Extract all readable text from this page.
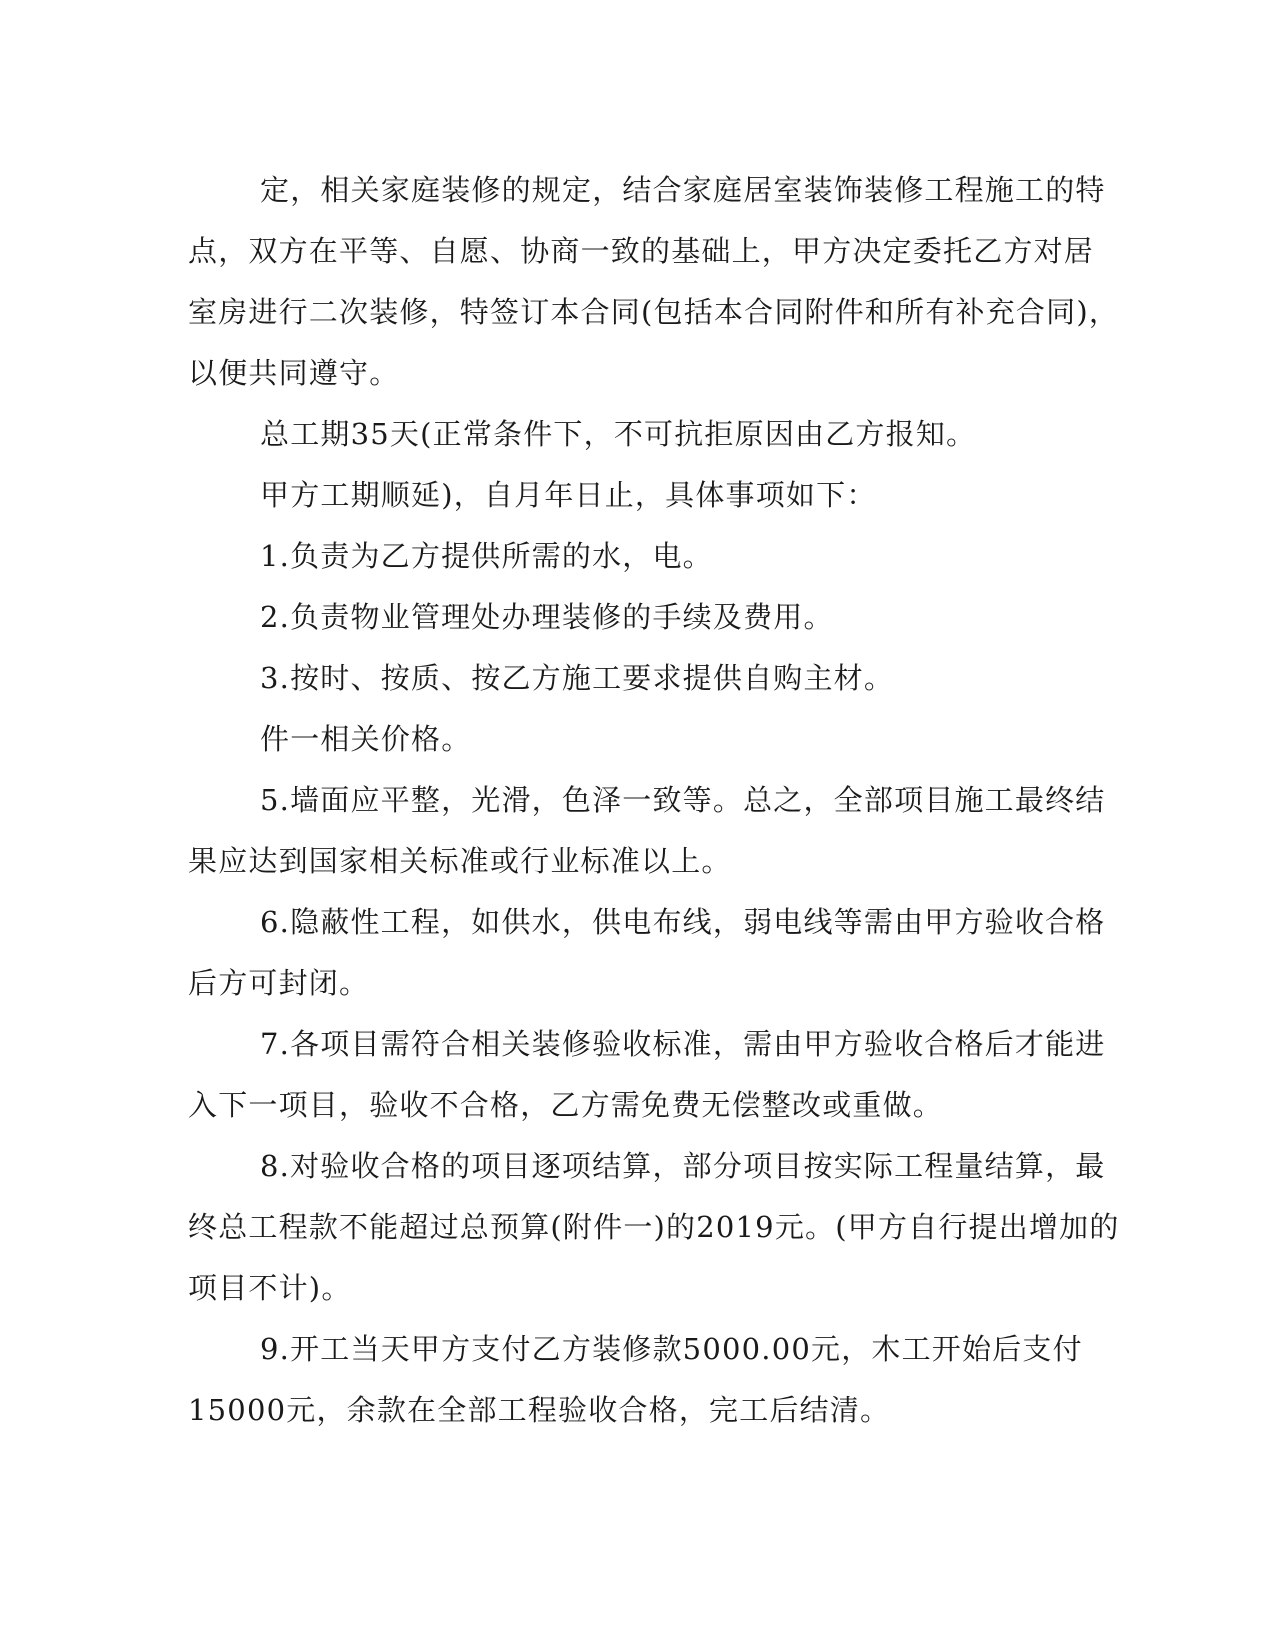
定，相关家庭装修的规定，结合家庭居室装饰装修工程施工的特
点，双方在平等、自愿、协商一致的基础上，甲方决定委托乙方对居
室房进行二次装修，特签订本合同(包括本合同附件和所有补充合同)，
以便共同遵守。
总工期35天(正常条件下，不可抗拒原因由乙方报知。
甲方工期顺延)，自月年日止，具体事项如下：
1.负责为乙方提供所需的水，电。
2.负责物业管理处办理装修的手续及费用。
3.按时、按质、按乙方施工要求提供自购主材。
件一相关价格。
5.墙面应平整，光滑，色泽一致等。总之，全部项目施工最终结
果应达到国家相关标准或行业标准以上。
6.隐蔽性工程，如供水，供电布线，弱电线等需由甲方验收合格
后方可封闭。
7.各项目需符合相关装修验收标准，需由甲方验收合格后才能进
入下一项目，验收不合格，乙方需免费无偿整改或重做。
8.对验收合格的项目逐项结算，部分项目按实际工程量结算，最
终总工程款不能超过总预算(附件一)的2019元。(甲方自行提出增加的
项目不计)。
9.开工当天甲方支付乙方装修款5000.00元，木工开始后支付
15000元，余款在全部工程验收合格，完工后结清。
